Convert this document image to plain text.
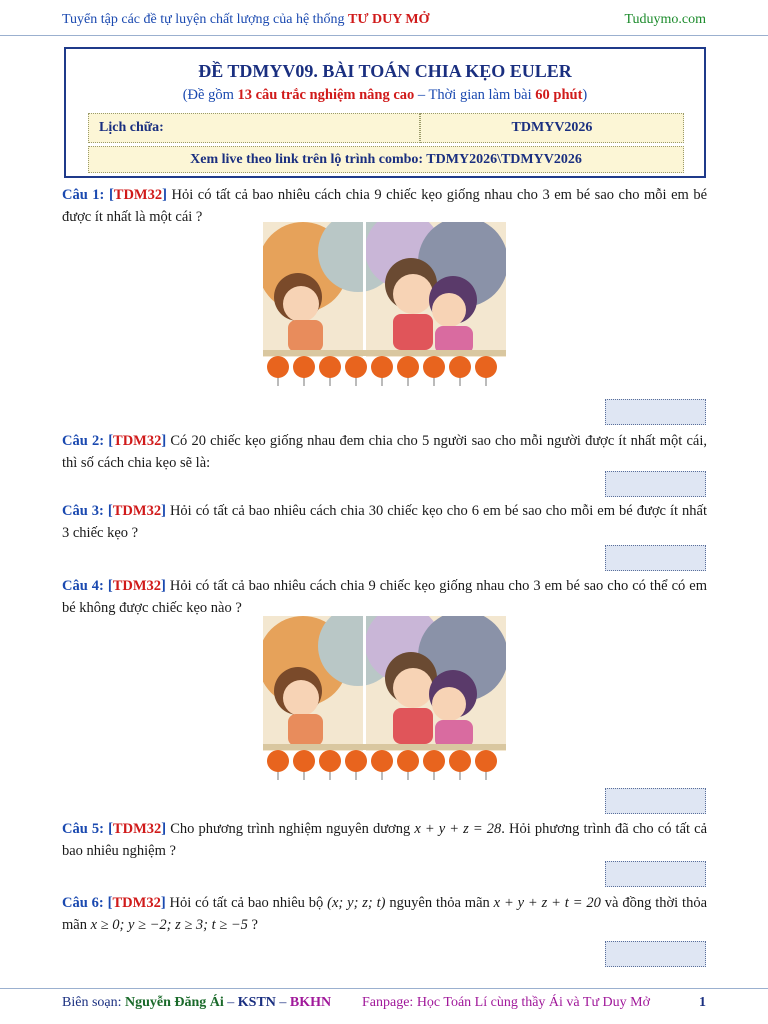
Tuyển tập các đề tự luyện chất lượng của hệ thống TƯ DUY MỞ	Tuduymo.com
ĐỀ TDMYV09. BÀI TOÁN CHIA KẸO EULER
(Đề gồm 13 câu trắc nghiệm nâng cao – Thời gian làm bài 60 phút)
Lịch chữa:	TDMYV2026
Xem live theo link trên lộ trình combo: TDMY2026\TDMYV2026
Câu 1: [TDM32] Hỏi có tất cả bao nhiêu cách chia 9 chiếc kẹo giống nhau cho 3 em bé sao cho mỗi em bé được ít nhất là một cái ?
Câu 2: [TDM32] Có 20 chiếc kẹo giống nhau đem chia cho 5 người sao cho mỗi người được ít nhất một cái, thì số cách chia kẹo sẽ là:
Câu 3: [TDM32] Hỏi có tất cả bao nhiêu cách chia 30 chiếc kẹo cho 6 em bé sao cho mỗi em bé được ít nhất 3 chiếc kẹo ?
Câu 4: [TDM32] Hỏi có tất cả bao nhiêu cách chia 9 chiếc kẹo giống nhau cho 3 em bé sao cho có thể có em bé không được chiếc kẹo nào ?
Câu 5: [TDM32] Cho phương trình nghiệm nguyên dương x + y + z = 28. Hỏi phương trình đã cho có tất cả bao nhiêu nghiệm ?
Câu 6: [TDM32] Hỏi có tất cả bao nhiêu bộ (x; y; z; t) nguyên thỏa mãn x + y + z + t = 20 và đồng thời thỏa mãn x ≥ 0; y ≥ −2; z ≥ 3; t ≥ −5 ?
Biên soạn: Nguyễn Đăng Ái – KSTN – BKHN Fanpage: Học Toán Lí cùng thầy Ái và Tư Duy Mở	1
